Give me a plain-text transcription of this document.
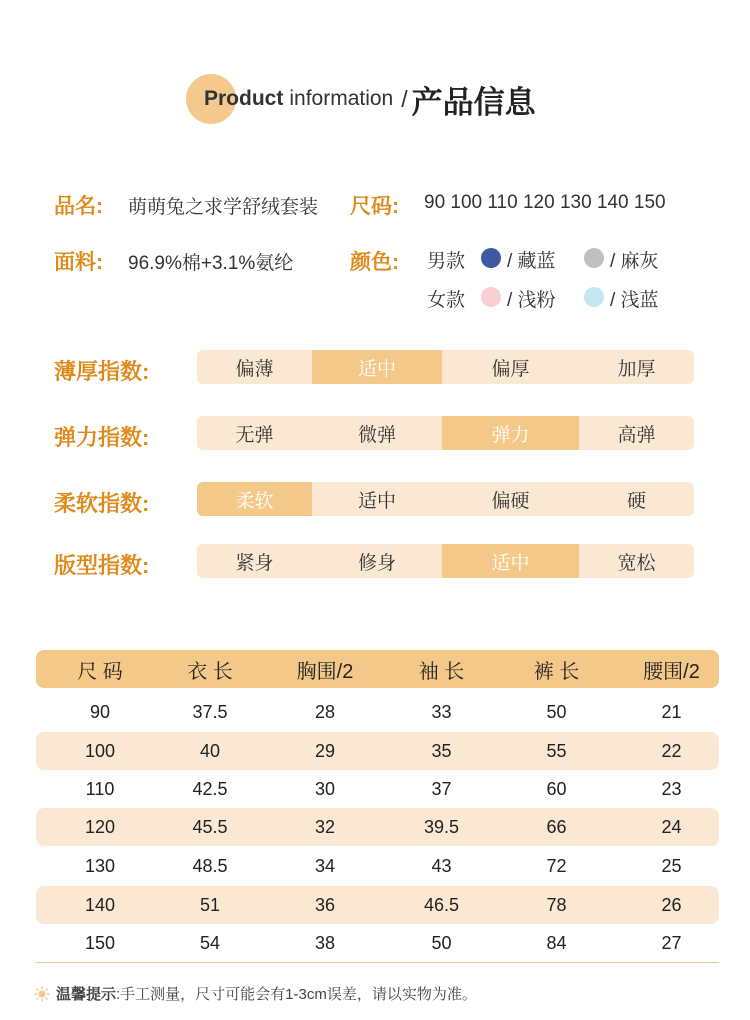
Product information / 产品信息
品名: 萌萌兔之求学舒绒套装 尺码: 90 100 110 120 130 140 150
面料: 96.9%棉+3.1%氨纶	颜色: 男款 / 藏蓝	/ 麻灰
女款 / 浅粉	/ 浅蓝
薄厚指数:	偏薄	适中	偏厚	加厚
弹力指数:	无弹	微弹	弹力	高弹
柔软指数:	柔软	适中	偏硬	硬
版型指数:	紧身	修身	适中	宽松
尺 码	衣 长	胸围/2	袖 长	裤 长	腰围/2
90	37.5	28	33	50	21
100	40	29	35	55	22
110	42.5	30	37	60	23
120	45.5	32	39.5	66	24
130	48.5	34	43	72	25
140	51	36	46.5	78	26
150	54	38	50	84	27
温馨提示 :手工测量，尺寸可能会有1-3cm误差，请以实物为准。
